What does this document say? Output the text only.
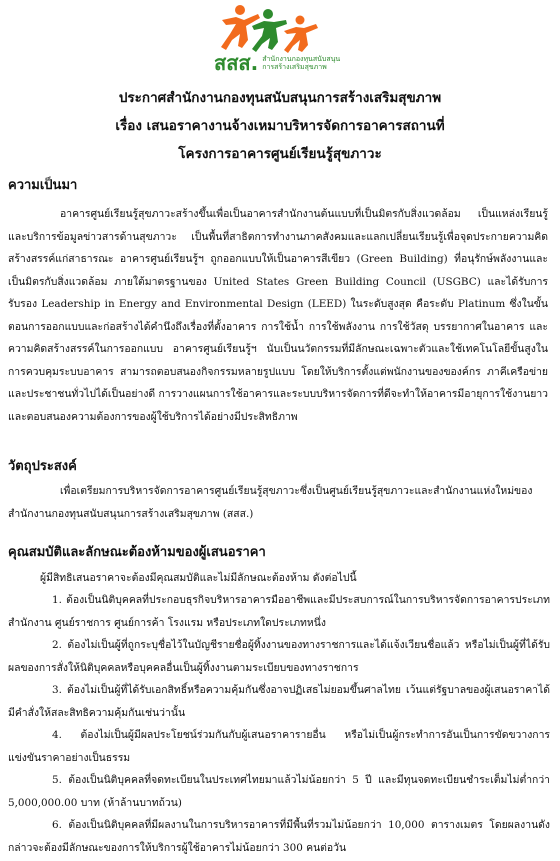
สสส. สำนักงานกองทุนสนับสนุน
การสร้างเสริมสุขภาพ
ประกาศสำนักงานกองทุนสนับสนุนการสร้างเสริมสุขภาพ
เรื่อง เสนอราคางานจ้างเหมาบริหารจัดการอาคารสถานที่
โครงการอาคารศูนย์เรียนรู้สุขภาวะ
ความเป็นมา
อาคารศูนย์เรียนรู้สุขภาวะสร้างขึ้นเพื่อเป็นอาคารสำนักงานต้นแบบที่เป็นมิตรกับสิ่งแวดล้อม เป็นแหล่งเรียนรู้และบริการข้อมูลข่าวสารด้านสุขภาวะ เป็นพื้นที่สาธิตการทำงานภาคสังคมและแลกเปลี่ยนเรียนรู้เพื่อจุดประกายความคิดสร้างสรรค์แก่สาธารณะ อาคารศูนย์เรียนรู้ฯ ถูกออกแบบให้เป็นอาคารสีเขียว (Green Building) ที่อนุรักษ์พลังงานและเป็นมิตรกับสิ่งแวดล้อม ภายใต้มาตรฐานของ United States Green Building Council (USGBC) และได้รับการรับรอง Leadership in Energy and Environmental Design (LEED) ในระดับสูงสุด คือระดับ Platinum ซึ่งในขั้นตอนการออกแบบและก่อสร้างได้คำนึงถึงเรื่องที่ตั้งอาคาร การใช้น้ำ การใช้พลังงาน การใช้วัสดุ บรรยากาศในอาคาร และความคิดสร้างสรรค์ในการออกแบบ อาคารศูนย์เรียนรู้ฯ นับเป็นนวัตกรรมที่มีลักษณะเฉพาะตัวและใช้เทคโนโลยีขั้นสูงในการควบคุมระบบอาคาร สามารถตอบสนองกิจกรรมหลายรูปแบบ โดยให้บริการตั้งแต่พนักงานของของค์กร ภาคีเครือข่าย และประชาชนทั่วไปได้เป็นอย่างดี การวางแผนการใช้อาคารและระบบบริหารจัดการที่ดีจะทำให้อาคารมีอายุการใช้งานยาวและตอบสนองความต้องการของผู้ใช้บริการได้อย่างมีประสิทธิภาพ
วัตถุประสงค์
เพื่อเตรียมการบริหารจัดการอาคารศูนย์เรียนรู้สุขภาวะซึ่งเป็นศูนย์เรียนรู้สุขภาวะและสำนักงานแห่งใหม่ของสำนักงานกองทุนสนับสนุนการสร้างเสริมสุขภาพ (สสส.)
คุณสมบัติและลักษณะต้องห้ามของผู้เสนอราคา
ผู้มีสิทธิเสนอราคาจะต้องมีคุณสมบัติและไม่มีลักษณะต้องห้าม ดังต่อไปนี้
1. ต้องเป็นนิติบุคคลที่ประกอบธุรกิจบริหารอาคารมืออาชีพและมีประสบการณ์ในการบริหารจัดการอาคารประเภทสำนักงาน ศูนย์ราชการ ศูนย์การค้า โรงแรม หรือประเภทใดประเภทหนึ่ง
2. ต้องไม่เป็นผู้ที่ถูกระบุชื่อไว้ในบัญชีรายชื่อผู้ทิ้งงานของทางราชการและได้แจ้งเวียนชื่อแล้ว หรือไม่เป็นผู้ที่ได้รับผลของการสั่งให้นิติบุคคลหรือบุคคลอื่นเป็นผู้ทิ้งงานตามระเบียบของทางราชการ
3. ต้องไม่เป็นผู้ที่ได้รับเอกสิทธิ์หรือความคุ้มกันซึ่งอาจปฏิเสธไม่ยอมขึ้นศาลไทย เว้นแต่รัฐบาลของผู้เสนอราคาได้มีคำสั่งให้สละสิทธิความคุ้มกันเช่นว่านั้น
4. ต้องไม่เป็นผู้มีผลประโยชน์ร่วมกันกับผู้เสนอราคารายอื่น หรือไม่เป็นผู้กระทำการอันเป็นการขัดขวางการแข่งขันราคาอย่างเป็นธรรม
5. ต้องเป็นนิติบุคคลที่จดทะเบียนในประเทศไทยมาแล้วไม่น้อยกว่า 5 ปี และมีทุนจดทะเบียนชำระเต็มไม่ต่ำกว่า 5,000,000.00 บาท (ห้าล้านบาทถ้วน)
6. ต้องเป็นนิติบุคคลที่มีผลงานในการบริหารอาคารที่มีพื้นที่รวมไม่น้อยกว่า 10,000 ตารางเมตร โดยผลงานดังกล่าวจะต้องมีลักษณะของการให้บริการผู้ใช้อาคารไม่น้อยกว่า 300 คนต่อวัน
